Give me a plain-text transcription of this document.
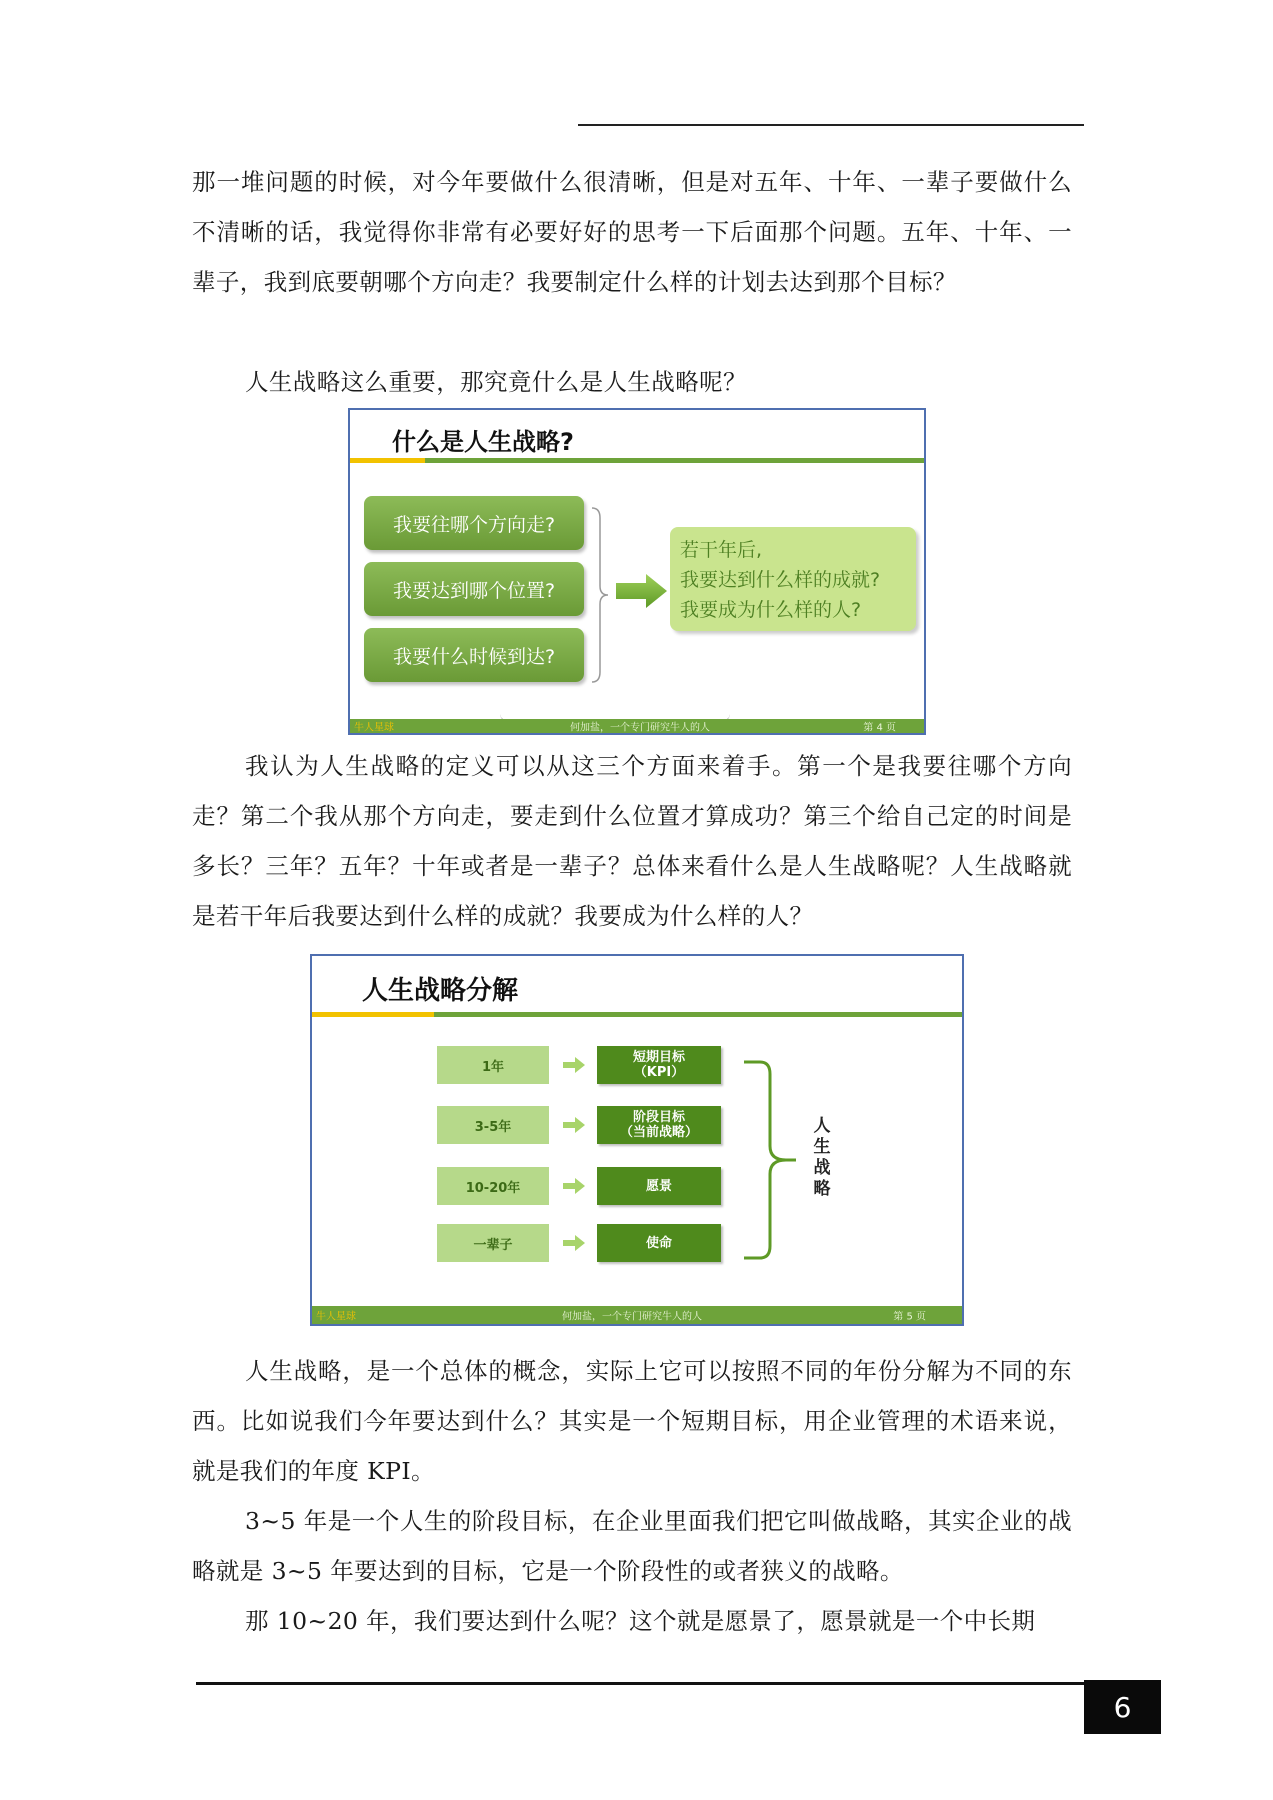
那一堆问题的时候，对今年要做什么很清晰，但是对五年、十年、一辈子要做什么不清晰的话，我觉得你非常有必要好好的思考一下后面那个问题。五年、十年、一辈子，我到底要朝哪个方向走？我要制定什么样的计划去达到那个目标？

人生战略这么重要，那究竟什么是人生战略呢？

什么是人生战略?
我要往哪个方向走?
我要达到哪个位置?
我要什么时候到达?
若干年后,
我要达到什么样的成就?
我要成为什么样的人?
牛人星球	何加盐，一个专门研究牛人的人	第 4 页

我认为人生战略的定义可以从这三个方面来着手。第一个是我要往哪个方向走？第二个我从那个方向走，要走到什么位置才算成功？第三个给自己定的时间是多长？三年？五年？十年或者是一辈子？总体来看什么是人生战略呢？人生战略就是若干年后我要达到什么样的成就？我要成为什么样的人？

人生战略分解
1年
3-5年
10-20年
一辈子
短期目标
（KPI）
阶段目标
（当前战略）
愿景
使命
人
生
战
略
牛人星球	何加盐，一个专门研究牛人的人	第 5 页

人生战略，是一个总体的概念，实际上它可以按照不同的年份分解为不同的东西。比如说我们今年要达到什么？其实是一个短期目标，用企业管理的术语来说，就是我们的年度 KPI。

3~5 年是一个人生的阶段目标，在企业里面我们把它叫做战略，其实企业的战略就是 3~5 年要达到的目标，它是一个阶段性的或者狭义的战略。

那 10~20 年，我们要达到什么呢？这个就是愿景了，愿景就是一个中长期

6
